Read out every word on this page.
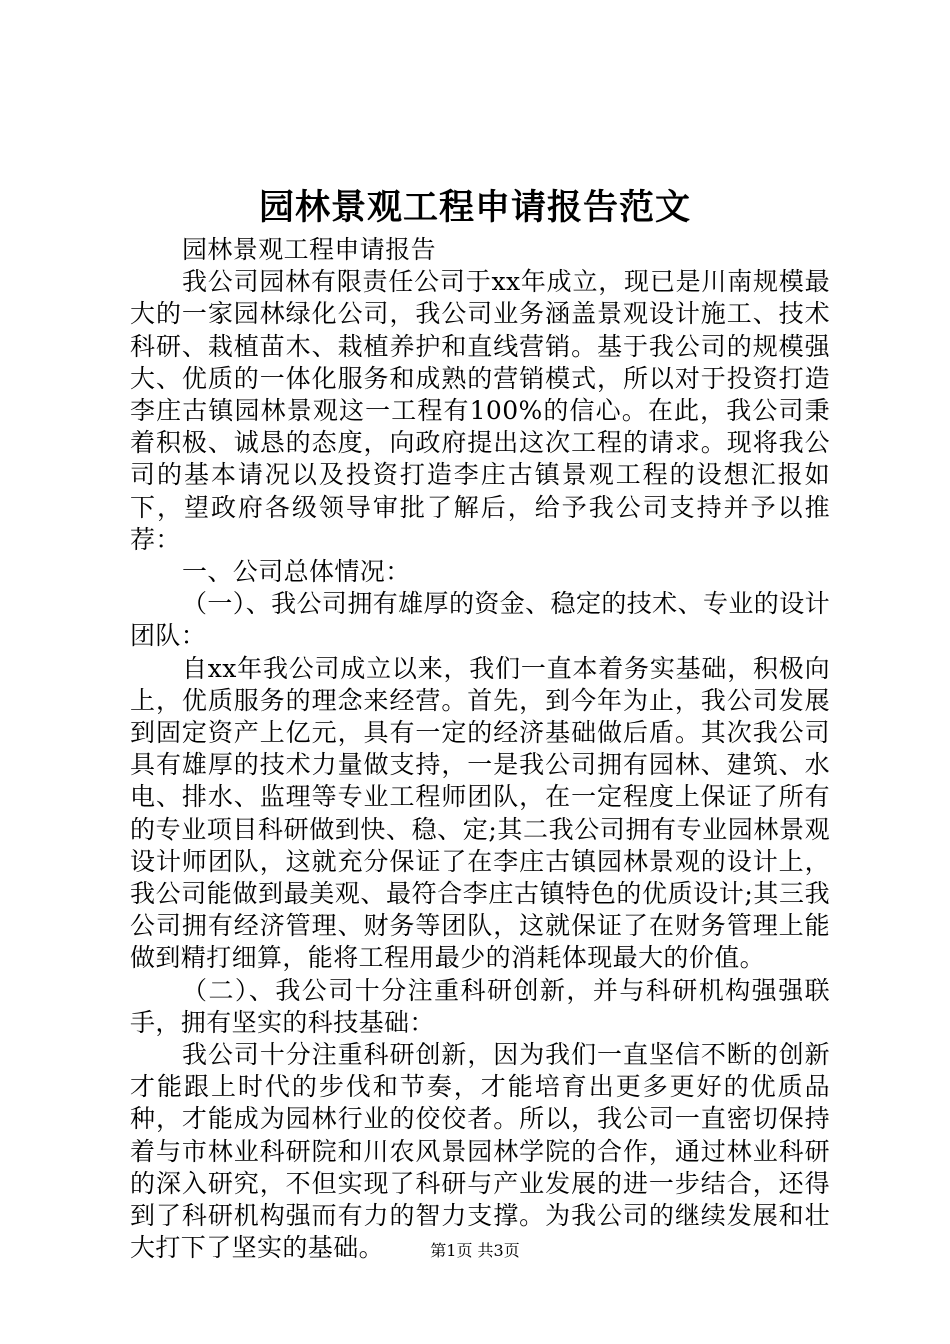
园林景观工程申请报告范文

园林景观工程申请报告

我公司园林有限责任公司于xx年成立，现已是川南规模最大的一家园林绿化公司，我公司业务涵盖景观设计施工、技术科研、栽植苗木、栽植养护和直线营销。基于我公司的规模强大、优质的一体化服务和成熟的营销模式，所以对于投资打造李庄古镇园林景观这一工程有100%的信心。在此，我公司秉着积极、诚恳的态度，向政府提出这次工程的请求。现将我公司的基本请况以及投资打造李庄古镇景观工程的设想汇报如下，望政府各级领导审批了解后，给予我公司支持并予以推荐：

一、公司总体情况：

（一）、我公司拥有雄厚的资金、稳定的技术、专业的设计团队：

自xx年我公司成立以来，我们一直本着务实基础，积极向上，优质服务的理念来经营。首先，到今年为止，我公司发展到固定资产上亿元，具有一定的经济基础做后盾。其次我公司具有雄厚的技术力量做支持，一是我公司拥有园林、建筑、水电、排水、监理等专业工程师团队，在一定程度上保证了所有的专业项目科研做到快、稳、定;其二我公司拥有专业园林景观设计师团队，这就充分保证了在李庄古镇园林景观的设计上，我公司能做到最美观、最符合李庄古镇特色的优质设计;其三我公司拥有经济管理、财务等团队，这就保证了在财务管理上能做到精打细算，能将工程用最少的消耗体现最大的价值。

（二）、我公司十分注重科研创新，并与科研机构强强联手，拥有坚实的科技基础：

我公司十分注重科研创新，因为我们一直坚信不断的创新才能跟上时代的步伐和节奏，才能培育出更多更好的优质品种，才能成为园林行业的佼佼者。所以，我公司一直密切保持着与市林业科研院和川农风景园林学院的合作，通过林业科研的深入研究，不但实现了科研与产业发展的进一步结合，还得到了科研机构强而有力的智力支撑。为我公司的继续发展和壮大打下了坚实的基础。	第1页 共3页
